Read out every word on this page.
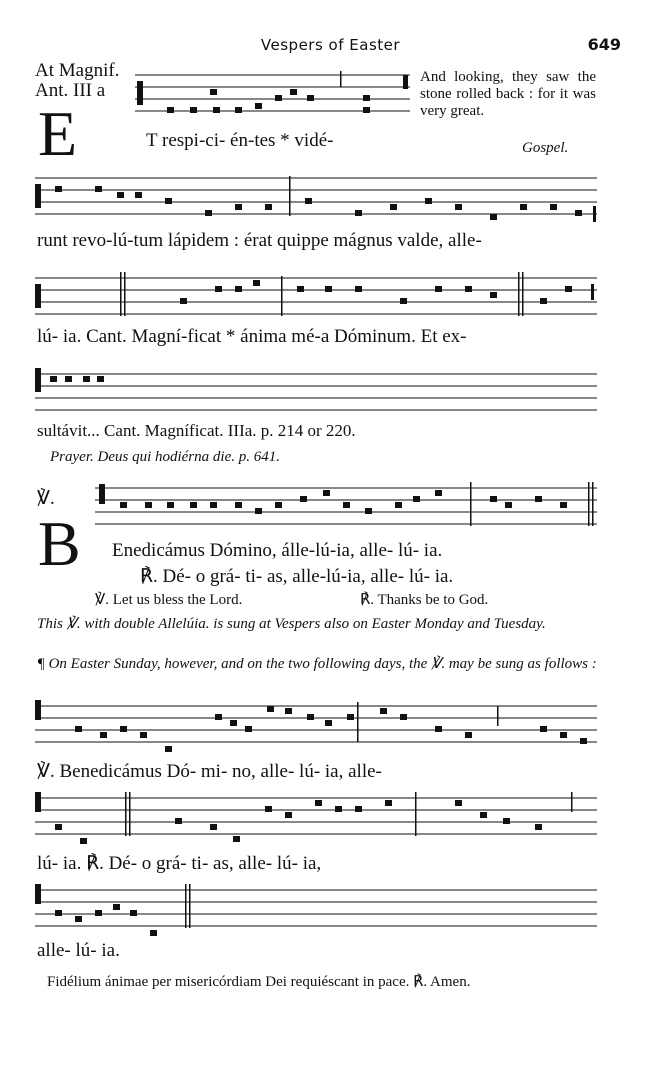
Vespers of Easter	649
At Magnif.
Ant. III a
E
And looking, they saw the stone rolled back : for it was very great.
Gospel.
T respi-ci- én-tes * vidé-
runt revo-lú-tum lápidem : érat quippe mágnus valde, alle-
lú- ia. Cant. Magní-ficat * ánima mé-a Dóminum. Et ex-
sultávit... Cant. Magníficat. IIIa. p. 214 or 220.
Prayer. Deus qui hodiérna die. p. 641.
℣.
B Enedicámus Dómino, álle-lú-ia, alle- lú- ia.
℟. Dé- o grá- ti- as, alle-lú-ia, alle- lú- ia.
℣. Let us bless the Lord.	℟. Thanks be to God.
This ℣. with double Allelúia. is sung at Vespers also on Easter Monday and Tuesday.
¶ On Easter Sunday, however, and on the two following days, the ℣. may be sung as follows :
℣. Benedicámus Dó- mi- no, alle- lú- ia, alle-
lú- ia. ℟. Dé- o grá- ti- as, alle- lú- ia,
alle- lú- ia.
Fidélium ánimae per misericórdiam Dei requiéscant in pace. ℟. Amen.
